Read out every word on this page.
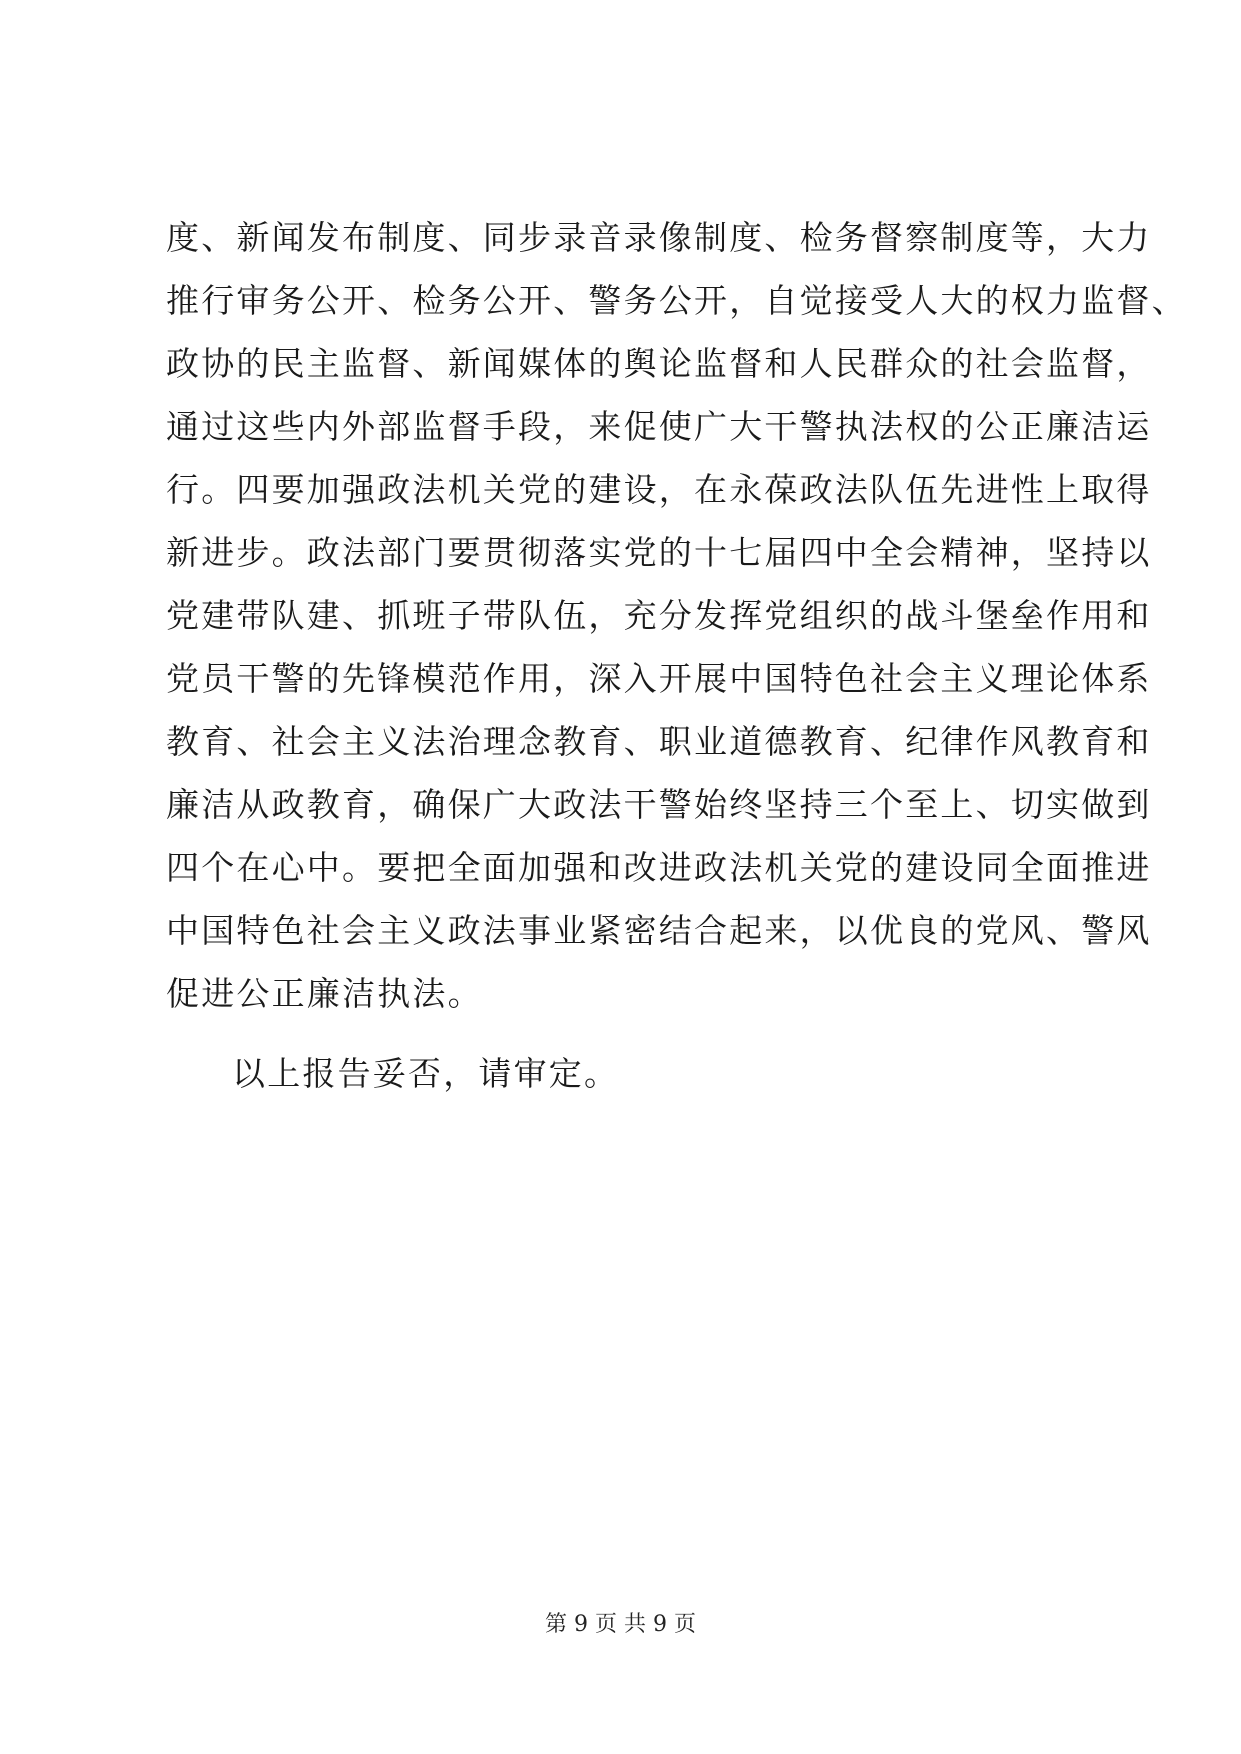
度、新闻发布制度、同步录音录像制度、检务督察制度等，大力
推行审务公开、检务公开、警务公开，自觉接受人大的权力监督、
政协的民主监督、新闻媒体的舆论监督和人民群众的社会监督，
通过这些内外部监督手段，来促使广大干警执法权的公正廉洁运
行。四要加强政法机关党的建设，在永葆政法队伍先进性上取得
新进步。政法部门要贯彻落实党的十七届四中全会精神，坚持以
党建带队建、抓班子带队伍，充分发挥党组织的战斗堡垒作用和
党员干警的先锋模范作用，深入开展中国特色社会主义理论体系
教育、社会主义法治理念教育、职业道德教育、纪律作风教育和
廉洁从政教育，确保广大政法干警始终坚持三个至上、切实做到
四个在心中。要把全面加强和改进政法机关党的建设同全面推进
中国特色社会主义政法事业紧密结合起来，以优良的党风、警风
促进公正廉洁执法。
以上报告妥否，请审定。
第 9 页 共 9 页
